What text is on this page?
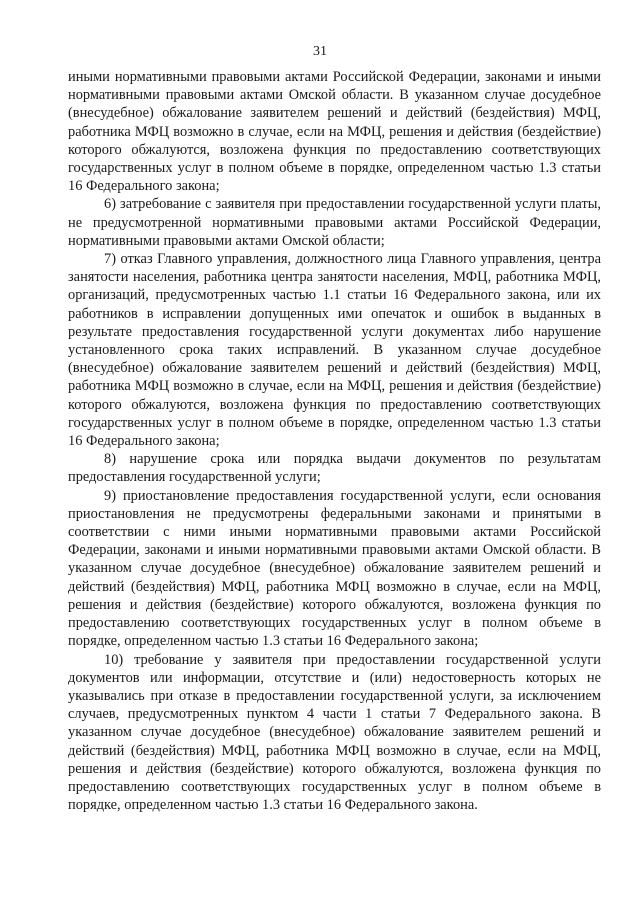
31

иными нормативными правовыми актами Российской Федерации, законами и иными нормативными правовыми актами Омской области. В указанном случае досудебное (внесудебное) обжалование заявителем решений и действий (бездействия) МФЦ, работника МФЦ возможно в случае, если на МФЦ, решения и действия (бездействие) которого обжалуются, возложена функция по предоставлению соответствующих государственных услуг в полном объеме в порядке, определенном частью 1.3 статьи 16 Федерального закона;

6) затребование с заявителя при предоставлении государственной услуги платы, не предусмотренной нормативными правовыми актами Российской Федерации, нормативными правовыми актами Омской области;

7) отказ Главного управления, должностного лица Главного управления, центра занятости населения, работника центра занятости населения, МФЦ, работника МФЦ, организаций, предусмотренных частью 1.1 статьи 16 Федерального закона, или их работников в исправлении допущенных ими опечаток и ошибок в выданных в результате предоставления государственной услуги документах либо нарушение установленного срока таких исправлений. В указанном случае досудебное (внесудебное) обжалование заявителем решений и действий (бездействия) МФЦ, работника МФЦ возможно в случае, если на МФЦ, решения и действия (бездействие) которого обжалуются, возложена функция по предоставлению соответствующих государственных услуг в полном объеме в порядке, определенном частью 1.3 статьи 16 Федерального закона;

8) нарушение срока или порядка выдачи документов по результатам предоставления государственной услуги;

9) приостановление предоставления государственной услуги, если основания приостановления не предусмотрены федеральными законами и принятыми в соответствии с ними иными нормативными правовыми актами Российской Федерации, законами и иными нормативными правовыми актами Омской области. В указанном случае досудебное (внесудебное) обжалование заявителем решений и действий (бездействия) МФЦ, работника МФЦ возможно в случае, если на МФЦ, решения и действия (бездействие) которого обжалуются, возложена функция по предоставлению соответствующих государственных услуг в полном объеме в порядке, определенном частью 1.3 статьи 16 Федерального закона;

10) требование у заявителя при предоставлении государственной услуги документов или информации, отсутствие и (или) недостоверность которых не указывались при отказе в предоставлении государственной услуги, за исключением случаев, предусмотренных пунктом 4 части 1 статьи 7 Федерального закона. В указанном случае досудебное (внесудебное) обжалование заявителем решений и действий (бездействия) МФЦ, работника МФЦ возможно в случае, если на МФЦ, решения и действия (бездействие) которого обжалуются, возложена функция по предоставлению соответствующих государственных услуг в полном объеме в порядке, определенном частью 1.3 статьи 16 Федерального закона.
